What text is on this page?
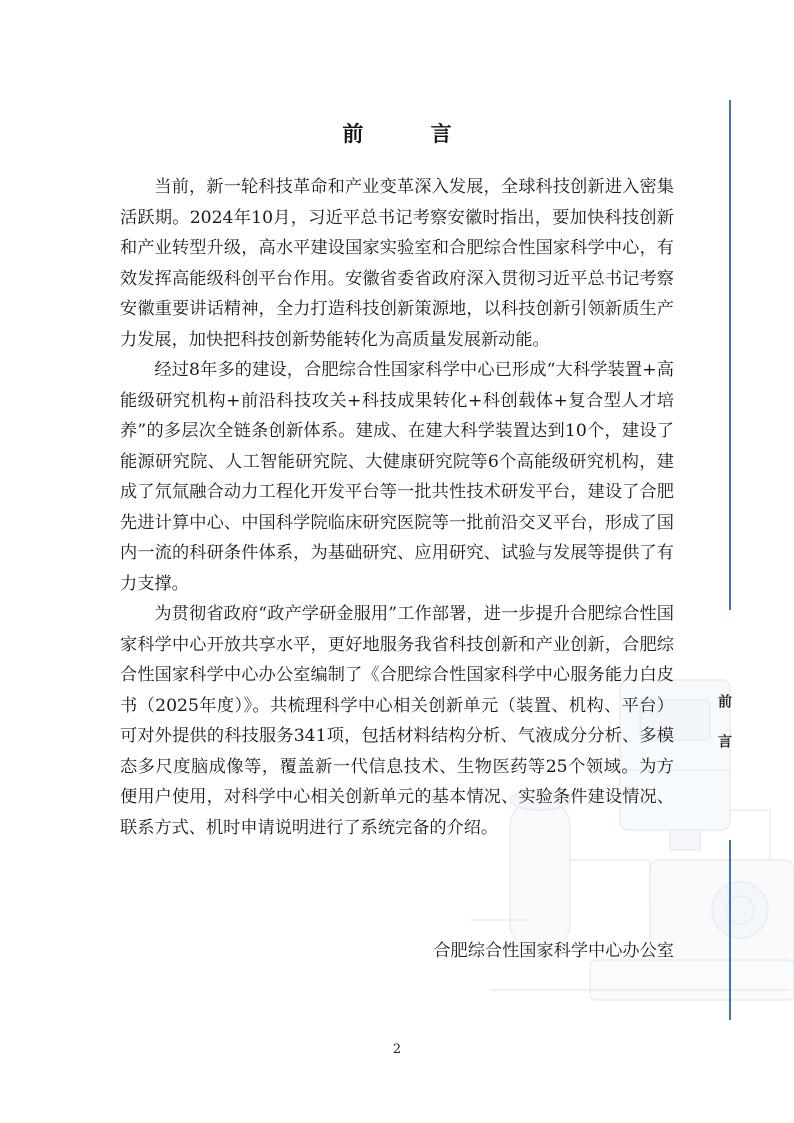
前言
前 言

当前，新一轮科技革命和产业变革深入发展，全球科技创新进入密集活跃期。2024年10月，习近平总书记考察安徽时指出，要加快科技创新和产业转型升级，高水平建设国家实验室和合肥综合性国家科学中心，有效发挥高能级科创平台作用。安徽省委省政府深入贯彻习近平总书记考察安徽重要讲话精神，全力打造科技创新策源地，以科技创新引领新质生产力发展，加快把科技创新势能转化为高质量发展新动能。

经过8年多的建设，合肥综合性国家科学中心已形成“大科学装置+高能级研究机构+前沿科技攻关+科技成果转化+科创载体+复合型人才培养”的多层次全链条创新体系。建成、在建大科学装置达到10个，建设了能源研究院、人工智能研究院、大健康研究院等6个高能级研究机构，建成了氘氚融合动力工程化开发平台等一批共性技术研发平台，建设了合肥先进计算中心、中国科学院临床研究医院等一批前沿交叉平台，形成了国内一流的科研条件体系，为基础研究、应用研究、试验与发展等提供了有力支撑。

为贯彻省政府“政产学研金服用”工作部署，进一步提升合肥综合性国家科学中心开放共享水平，更好地服务我省科技创新和产业创新，合肥综合性国家科学中心办公室编制了《合肥综合性国家科学中心服务能力白皮书（2025年度）》。共梳理科学中心相关创新单元（装置、机构、平台）可对外提供的科技服务341项，包括材料结构分析、气液成分分析、多模态多尺度脑成像等，覆盖新一代信息技术、生物医药等25个领域。为方便用户使用，对科学中心相关创新单元的基本情况、实验条件建设情况、联系方式、机时申请说明进行了系统完备的介绍。

合肥综合性国家科学中心办公室
2
